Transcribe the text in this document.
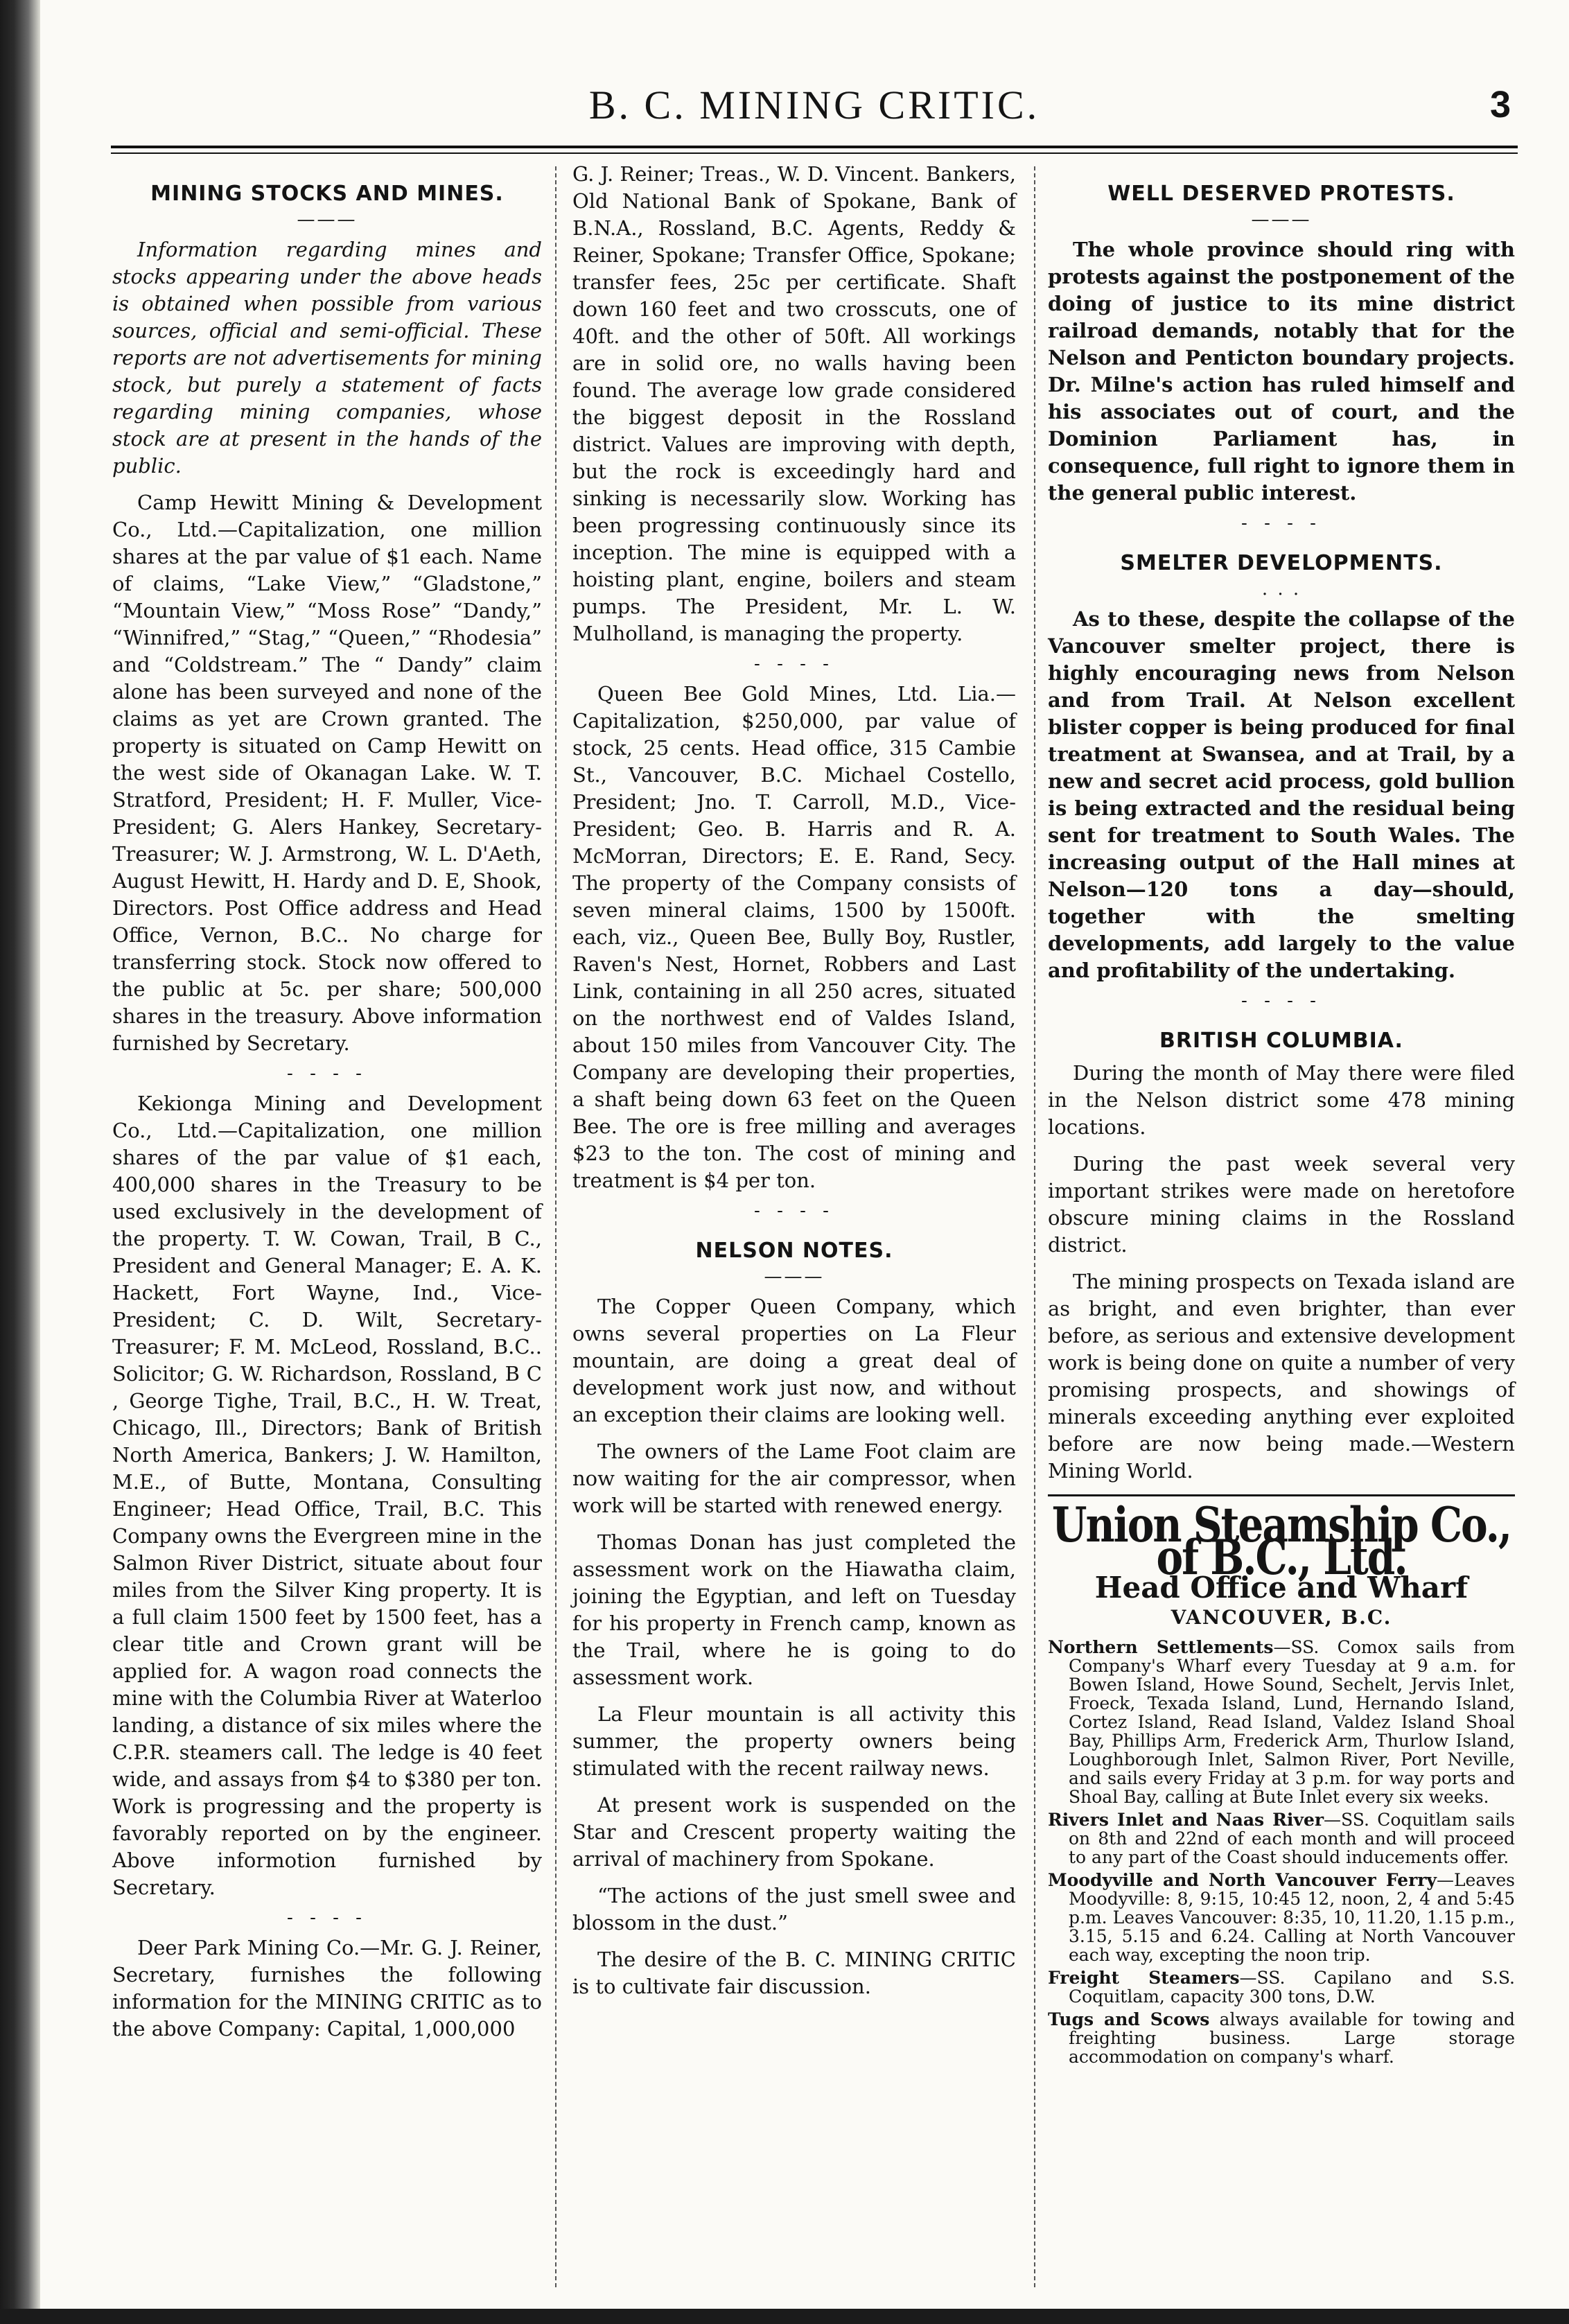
B. C. MINING CRITIC.	3
MINING STOCKS AND MINES.
———

Information regarding mines and stocks appearing under the above heads is obtained when possible from various sources, official and semi-official. These reports are not advertisements for mining stock, but purely a statement of facts regarding mining companies, whose stock are at present in the hands of the public.

Camp Hewitt Mining & Development Co., Ltd.—Capitalization, one million shares at the par value of $1 each. Name of claims, “Lake View,” “Gladstone,” “Mountain View,” “Moss Rose” “Dandy,” “Winnifred,” “Stag,” “Queen,” “Rhodesia” and “Coldstream.” The “ Dandy” claim alone has been surveyed and none of the claims as yet are Crown granted. The property is situated on Camp Hewitt on the west side of Okanagan Lake. W. T. Stratford, President; H. F. Muller, Vice-President; G. Alers Hankey, Secretary-Treasurer; W. J. Armstrong, W. L. D'Aeth, August Hewitt, H. Hardy and D. E, Shook, Directors. Post Office address and Head Office, Vernon, B.C.. No charge for transferring stock. Stock now offered to the public at 5c. per share; 500,000 shares in the treasury. Above information furnished by Secretary.

- - - -

Kekionga Mining and Development Co., Ltd.—Capitalization, one million shares of the par value of $1 each, 400,000 shares in the Treasury to be used exclusively in the development of the property. T. W. Cowan, Trail, B C., President and General Manager; E. A. K. Hackett, Fort Wayne, Ind., Vice-President; C. D. Wilt, Secretary-Treasurer; F. M. McLeod, Rossland, B.C.. Solicitor; G. W. Richardson, Rossland, B C , George Tighe, Trail, B.C., H. W. Treat, Chicago, Ill., Directors; Bank of British North America, Bankers; J. W. Hamilton, M.E., of Butte, Montana, Consulting Engineer; Head Office, Trail, B.C. This Company owns the Evergreen mine in the Salmon River District, situate about four miles from the Silver King property. It is a full claim 1500 feet by 1500 feet, has a clear title and Crown grant will be applied for. A wagon road connects the mine with the Columbia River at Waterloo landing, a distance of six miles where the C.P.R. steamers call. The ledge is 40 feet wide, and assays from $4 to $380 per ton. Work is progressing and the property is favorably reported on by the engineer. Above informotion furnished by Secretary.

- - - -

Deer Park Mining Co.—Mr. G. J. Reiner, Secretary, furnishes the following information for the MINING CRITIC as to the above Company: Capital, 1,000,000

G. J. Reiner; Treas., W. D. Vincent. Bankers, Old National Bank of Spokane, Bank of B.N.A., Rossland, B.C. Agents, Reddy & Reiner, Spokane; Transfer Office, Spokane; transfer fees, 25c per certificate. Shaft down 160 feet and two crosscuts, one of 40ft. and the other of 50ft. All workings are in solid ore, no walls having been found. The average low grade considered the biggest deposit in the Rossland district. Values are improving with depth, but the rock is exceedingly hard and sinking is necessarily slow. Working has been progressing continuously since its inception. The mine is equipped with a hoisting plant, engine, boilers and steam pumps. The President, Mr. L. W. Mulholland, is managing the property.

- - - -

Queen Bee Gold Mines, Ltd. Lia.—Capitalization, $250,000, par value of stock, 25 cents. Head office, 315 Cambie St., Vancouver, B.C. Michael Costello, President; Jno. T. Carroll, M.D., Vice-President; Geo. B. Harris and R. A. McMorran, Directors; E. E. Rand, Secy. The property of the Company consists of seven mineral claims, 1500 by 1500ft. each, viz., Queen Bee, Bully Boy, Rustler, Raven's Nest, Hornet, Robbers and Last Link, containing in all 250 acres, situated on the northwest end of Valdes Island, about 150 miles from Vancouver City. The Company are developing their properties, a shaft being down 63 feet on the Queen Bee. The ore is free milling and averages $23 to the ton. The cost of mining and treatment is $4 per ton.

- - - -
NELSON NOTES.
———

The Copper Queen Company, which owns several properties on La Fleur mountain, are doing a great deal of development work just now, and without an exception their claims are looking well.

The owners of the Lame Foot claim are now waiting for the air compressor, when work will be started with renewed energy.

Thomas Donan has just completed the assessment work on the Hiawatha claim, joining the Egyptian, and left on Tuesday for his property in French camp, known as the Trail, where he is going to do assessment work.

La Fleur mountain is all activity this summer, the property owners being stimulated with the recent railway news.

At present work is suspended on the Star and Crescent property waiting the arrival of machinery from Spokane.

“The actions of the just smell swee and blossom in the dust.”

The desire of the B. C. MINING CRITIC is to cultivate fair discussion.

WELL DESERVED PROTESTS.
———

The whole province should ring with protests against the postponement of the doing of justice to its mine district railroad demands, notably that for the Nelson and Penticton boundary projects. Dr. Milne's action has ruled himself and his associates out of court, and the Dominion Parliament has, in consequence, full right to ignore them in the general public interest.

- - - -
SMELTER DEVELOPMENTS.
. . .

As to these, despite the collapse of the Vancouver smelter project, there is highly encouraging news from Nelson and from Trail. At Nelson excellent blister copper is being produced for final treatment at Swansea, and at Trail, by a new and secret acid process, gold bullion is being extracted and the residual being sent for treatment to South Wales. The increasing output of the Hall mines at Nelson—120 tons a day—should, together with the smelting developments, add largely to the value and profitability of the undertaking.

- - - -
BRITISH COLUMBIA.

During the month of May there were filed in the Nelson district some 478 mining locations.

During the past week several very important strikes were made on heretofore obscure mining claims in the Rossland district.

The mining prospects on Texada island are as bright, and even brighter, than ever before, as serious and extensive development work is being done on quite a number of very promising prospects, and showings of minerals exceeding anything ever exploited before are now being made.—Western Mining World.

Union Steamship Co., of B.C., Ltd.
Head Office and Wharf
VANCOUVER, B.C.

Northern Settlements—SS. Comox sails from Company's Wharf every Tuesday at 9 a.m. for Bowen Island, Howe Sound, Sechelt, Jervis Inlet, Froeck, Texada Island, Lund, Hernando Island, Cortez Island, Read Island, Valdez Island Shoal Bay, Phillips Arm, Frederick Arm, Thurlow Island, Loughborough Inlet, Salmon River, Port Neville, and sails every Friday at 3 p.m. for way ports and Shoal Bay, calling at Bute Inlet every six weeks.

Rivers Inlet and Naas River—SS. Coquitlam sails on 8th and 22nd of each month and will proceed to any part of the Coast should inducements offer.

Moodyville and North Vancouver Ferry—Leaves Moodyville: 8, 9:15, 10:45 12, noon, 2, 4 and 5:45 p.m. Leaves Vancouver: 8:35, 10, 11.20, 1.15 p.m., 3.15, 5.15 and 6.24. Calling at North Vancouver each way, excepting the noon trip.

Freight Steamers—SS. Capilano and S.S. Coquitlam, capacity 300 tons, D.W.

Tugs and Scows always available for towing and freighting business. Large storage accommodation on company's wharf.
